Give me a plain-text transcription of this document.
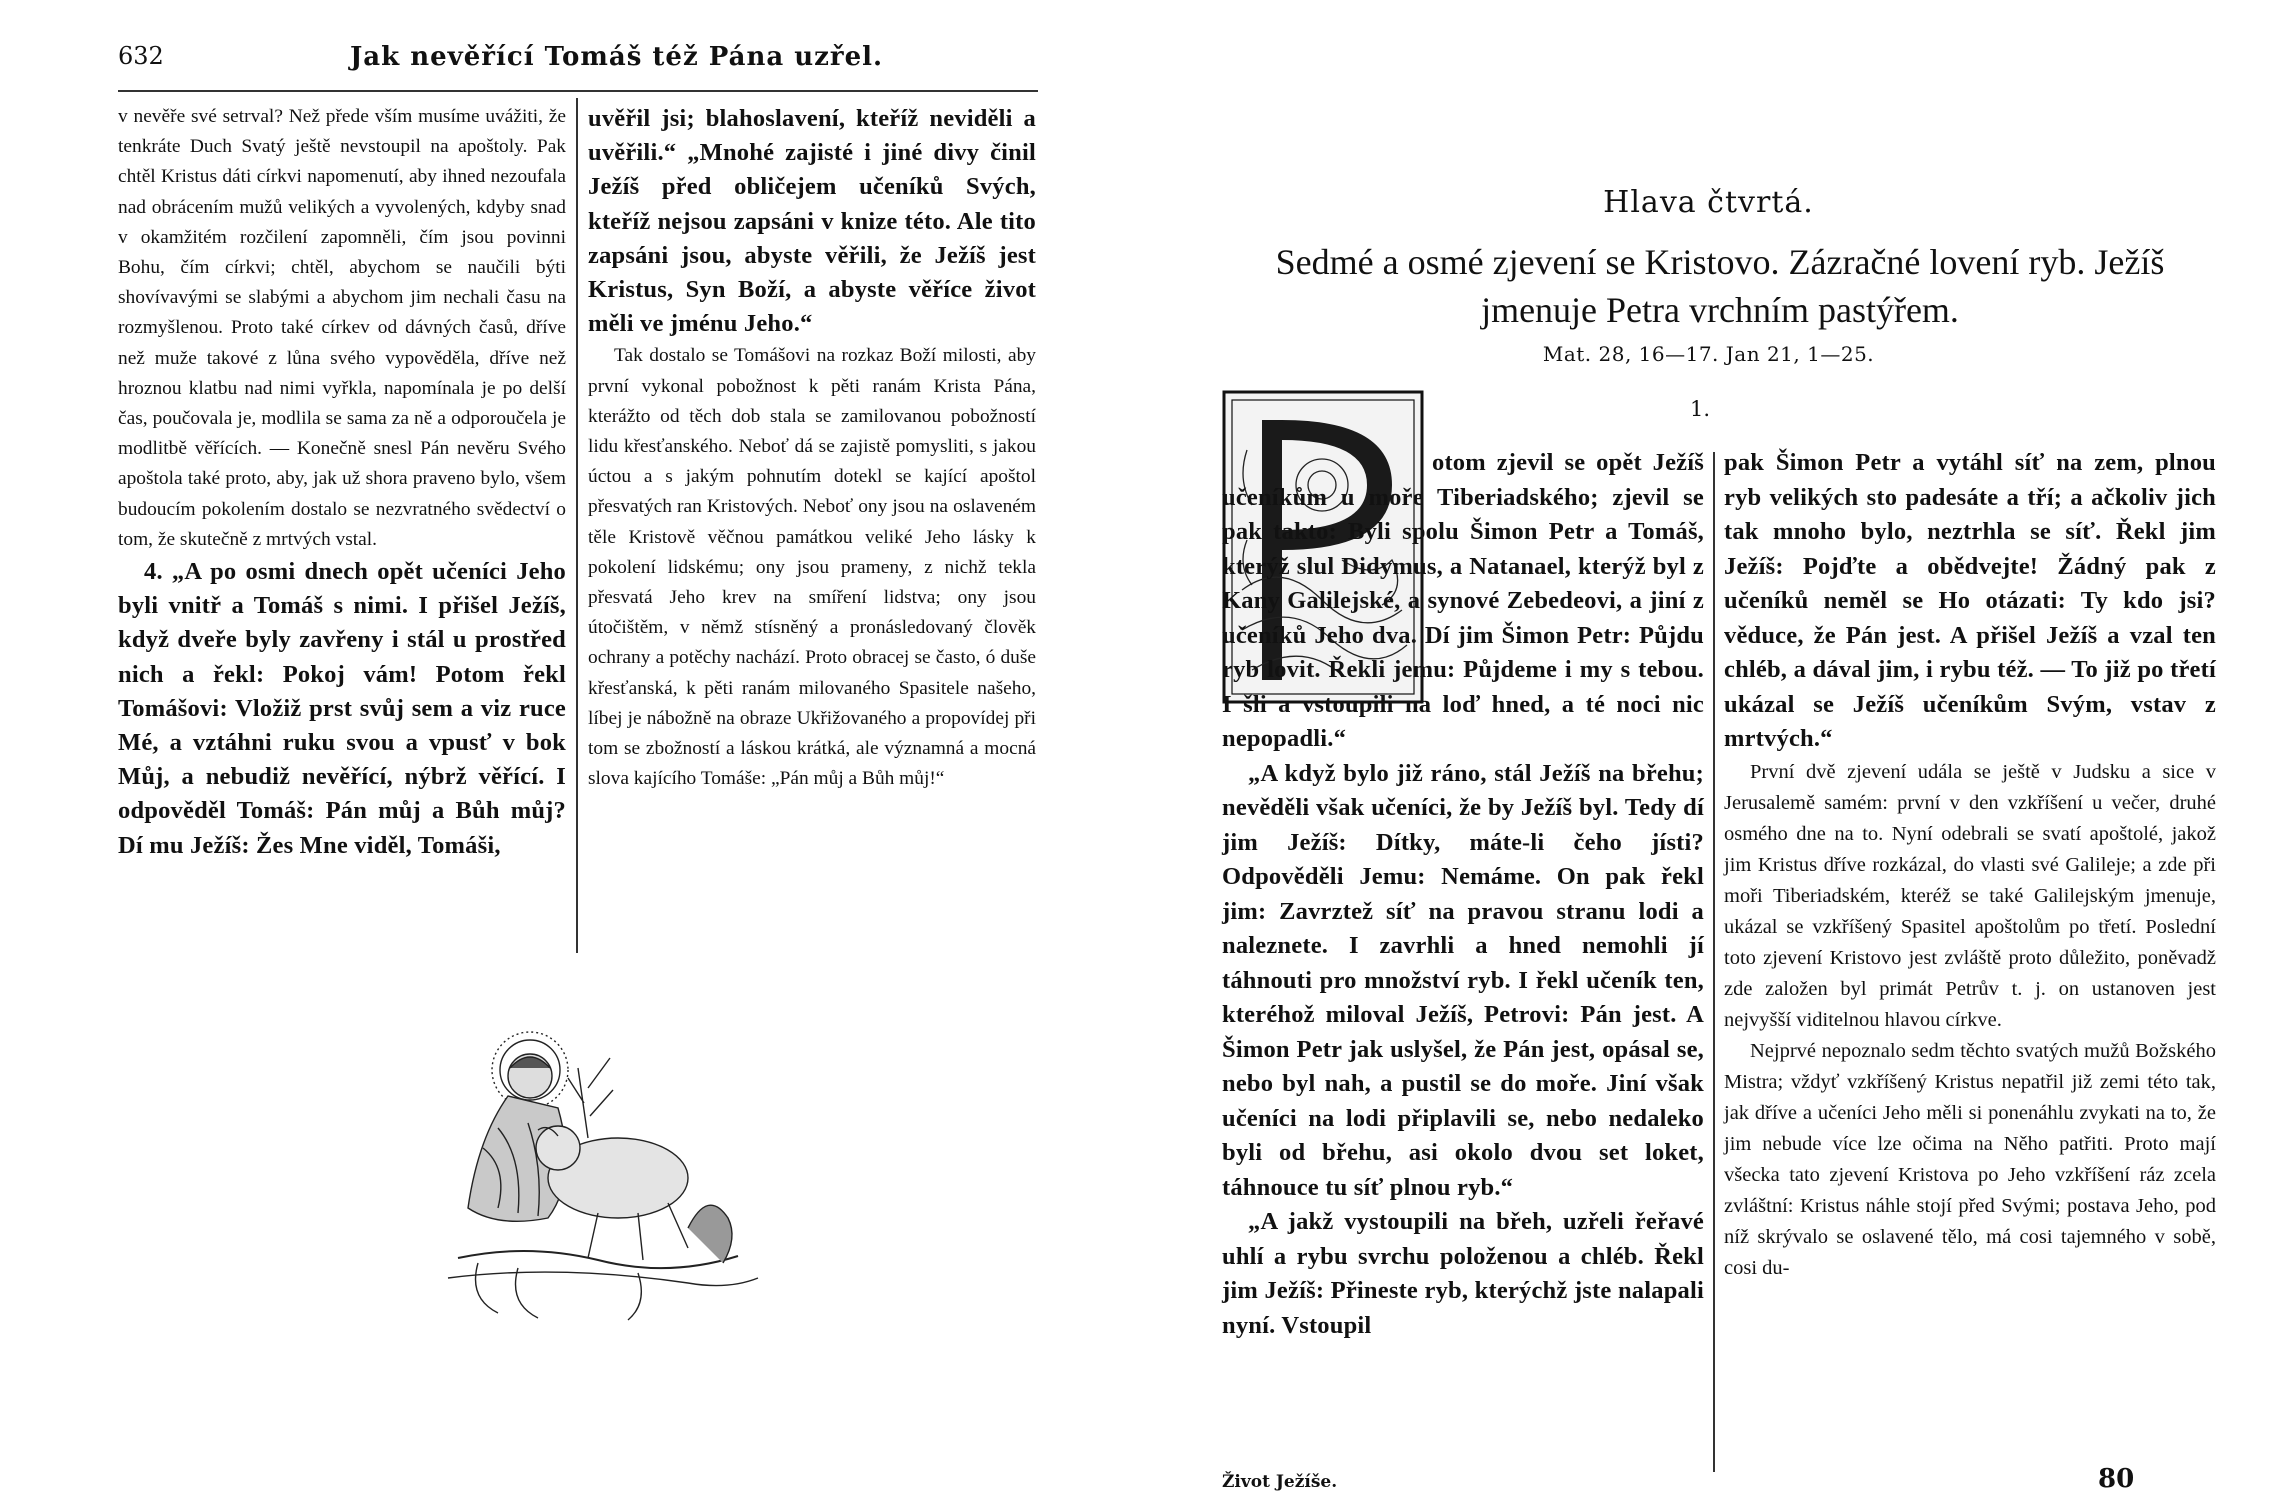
632	Jak nevěřící Tomáš též Pána uzřel.

v nevěře své setrval? Než přede vším musíme uvážiti, že tenkráte Duch Svatý ještě nevstoupil na apoštoly. Pak chtěl Kristus dáti církvi napomenutí, aby ihned nezoufala nad obrácením mužů velikých a vyvolených, kdyby snad v okamžitém rozčilení zapomněli, čím jsou povinni Bohu, čím církvi; chtěl, abychom se naučili býti shovívavými se slabými a abychom jim nechali času na rozmyšlenou. Proto také církev od dávných časů, dříve než muže takové z lůna svého vypověděla, dříve než hroznou klatbu nad nimi vyřkla, napomínala je po delší čas, poučovala je, modlila se sama za ně a odporoučela je modlitbě věřících. — Konečně snesl Pán nevěru Svého apoštola také proto, aby, jak už shora praveno bylo, všem budoucím pokolením dostalo se nezvratného svědectví o tom, že skutečně z mrtvých vstal.

4. „A po osmi dnech opět učeníci Jeho byli vnitř a Tomáš s nimi. I přišel Ježíš, když dveře byly zavřeny i stál u prostřed nich a řekl: Pokoj vám! Potom řekl Tomášovi: Vložiž prst svůj sem a viz ruce Mé, a vztáhni ruku svou a vpusť v bok Můj, a nebudiž nevěřící, nýbrž věřící. I odpověděl Tomáš: Pán můj a Bůh můj? Dí mu Ježíš: Žes Mne viděl, Tomáši,

uvěřil jsi; blahoslavení, kteříž neviděli a uvěřili.“ „Mnohé zajisté i jiné divy činil Ježíš před obličejem učeníků Svých, kteříž nejsou zapsáni v knize této. Ale tito zapsáni jsou, abyste věřili, že Ježíš jest Kristus, Syn Boží, a abyste věříce život měli ve jménu Jeho.“

Tak dostalo se Tomášovi na rozkaz Boží milosti, aby první vykonal pobožnost k pěti ranám Krista Pána, kterážto od těch dob stala se zamilovanou pobožností lidu křesťanského. Neboť dá se zajistě pomysliti, s jakou úctou a s jakým pohnutím dotekl se kající apoštol přesvatých ran Kristových. Neboť ony jsou na oslaveném těle Kristově věčnou památkou veliké Jeho lásky k pokolení lidskému; ony jsou prameny, z nichž tekla přesvatá Jeho krev na smíření lidstva; ony jsou útočištěm, v němž stísněný a pronásledovaný člověk ochrany a potěchy nachází. Proto obracej se často, ó duše křesťanská, k pěti ranám milovaného Spasitele našeho, líbej je nábožně na obraze Ukřižovaného a propovídej při tom se zbožností a láskou krátká, ale významná a mocná slova kajícího Tomáše: „Pán můj a Bůh můj!“

Hlava čtvrtá.
Sedmé a osmé zjevení se Kristovo. Zázračné lovení ryb. Ježíš jmenuje Petra vrchním pastýřem.
Mat. 28, 16—17. Jan 21, 1—25.
1.

otom zjevil se opět Ježíš učeníkům u moře Tiberiadského; zjevil se pak takto: Byli spolu Šimon Petr a Tomáš, kterýž slul Didymus, a Natanael, kterýž byl z Kany Galilejské, a synové Zebedeovi, a jiní z učeníků Jeho dva. Dí jim Šimon Petr: Půjdu ryb lovit. Řekli jemu: Půjdeme i my s tebou. I šli a vstoupili na loď hned, a té noci nic nepopadli.“

„A když bylo již ráno, stál Ježíš na břehu; nevěděli však učeníci, že by Ježíš byl. Tedy dí jim Ježíš: Dítky, máte-li čeho jísti? Odpověděli Jemu: Nemáme. On pak řekl jim: Zavrztež síť na pravou stranu lodi a naleznete. I zavrhli a hned nemohli jí táhnouti pro množství ryb. I řekl učeník ten, kteréhož miloval Ježíš, Petrovi: Pán jest. A Šimon Petr jak uslyšel, že Pán jest, opásal se, nebo byl nah, a pustil se do moře. Jiní však učeníci na lodi připlavili se, nebo nedaleko byli od břehu, asi okolo dvou set loket, táhnouce tu síť plnou ryb.“

„A jakž vystoupili na břeh, uzřeli řeřavé uhlí a rybu svrchu položenou a chléb. Řekl jim Ježíš: Přineste ryb, kterýchž jste nalapali nyní. Vstoupil

pak Šimon Petr a vytáhl síť na zem, plnou ryb velikých sto padesáte a tří; a ačkoliv jich tak mnoho bylo, neztrhla se síť. Řekl jim Ježíš: Pojďte a obědvejte! Žádný pak z učeníků neměl se Ho otázati: Ty kdo jsi? věduce, že Pán jest. A přišel Ježíš a vzal ten chléb, a dával jim, i rybu též. — To již po třetí ukázal se Ježíš učeníkům Svým, vstav z mrtvých.“

První dvě zjevení udála se ještě v Judsku a sice v Jerusalemě samém: první v den vzkříšení u večer, druhé osmého dne na to. Nyní odebrali se svatí apoštolé, jakož jim Kristus dříve rozkázal, do vlasti své Galileje; a zde při moři Tiberiadském, kteréž se také Galilejským jmenuje, ukázal se vzkříšený Spasitel apoštolům po třetí. Poslední toto zjevení Kristovo jest zvláště proto důležito, poněvadž zde založen byl primát Petrův t. j. on ustanoven jest nejvyšší viditelnou hlavou církve.

Nejprvé nepoznalo sedm těchto svatých mužů Božského Mistra; vždyť vzkříšený Kristus nepatřil již zemi této tak, jak dříve a učeníci Jeho měli si ponenáhlu zvykati na to, že jim nebude více lze očima na Něho patřiti. Proto mají všecka tato zjevení Kristova po Jeho vzkříšení ráz zcela zvláštní: Kristus náhle stojí před Svými; postava Jeho, pod níž skrývalo se oslavené tělo, má cosi tajemného v sobě, cosi du-

Život Ježíše.	80
